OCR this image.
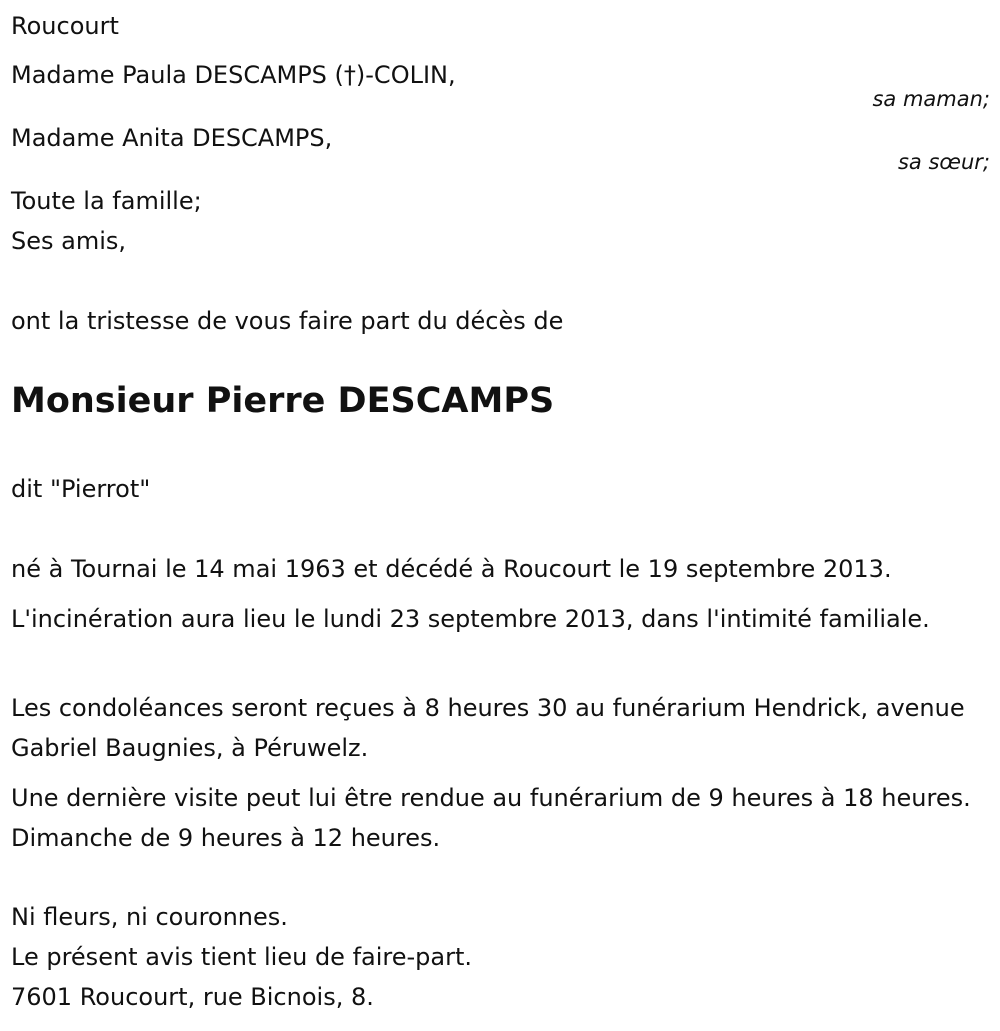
Roucourt

Madame Paula DESCAMPS (†)-COLIN,

sa maman;

Madame Anita DESCAMPS,

sa sœur;

Toute la famille;

Ses amis,

ont la tristesse de vous faire part du décès de

Monsieur Pierre DESCAMPS

dit "Pierrot"

né à Tournai le 14 mai 1963 et décédé à Roucourt le 19 septembre 2013.

L'incinération aura lieu le lundi 23 septembre 2013, dans l'intimité familiale.

Les condoléances seront reçues à 8 heures 30 au funérarium Hendrick, avenue Gabriel Baugnies, à Péruwelz.

Une dernière visite peut lui être rendue au funérarium de 9 heures à 18 heures. Dimanche de 9 heures à 12 heures.

Ni fleurs, ni couronnes.

Le présent avis tient lieu de faire-part.

7601 Roucourt, rue Bicnois, 8.
